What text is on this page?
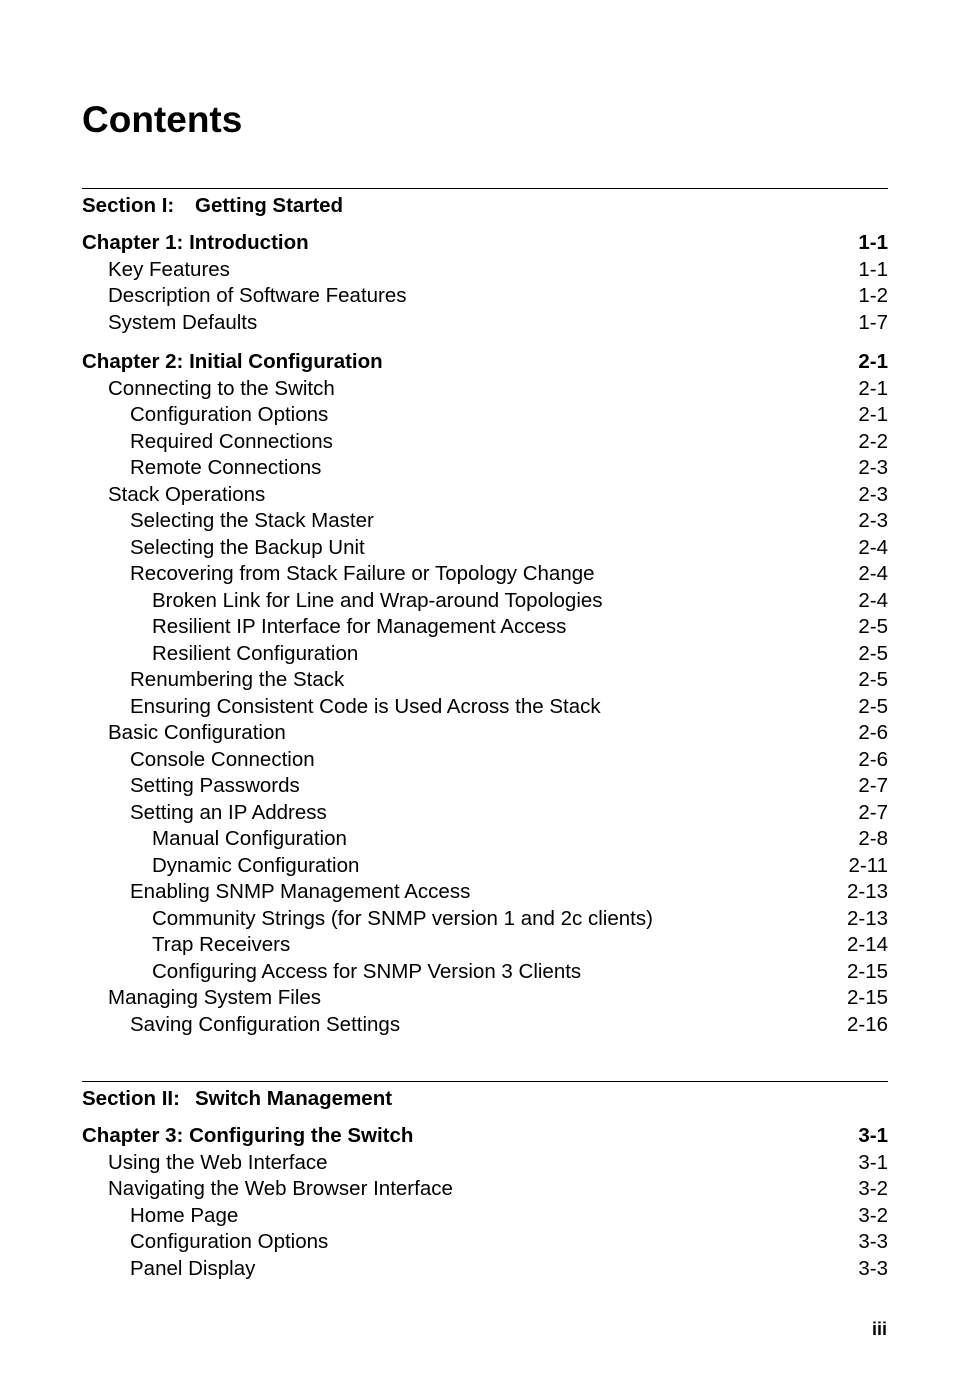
Contents
Section I: Getting Started
Chapter 1: Introduction	1-1
Key Features	1-1
Description of Software Features	1-2
System Defaults	1-7
Chapter 2: Initial Configuration	2-1
Connecting to the Switch	2-1
Configuration Options	2-1
Required Connections	2-2
Remote Connections	2-3
Stack Operations	2-3
Selecting the Stack Master	2-3
Selecting the Backup Unit	2-4
Recovering from Stack Failure or Topology Change	2-4
Broken Link for Line and Wrap-around Topologies	2-4
Resilient IP Interface for Management Access	2-5
Resilient Configuration	2-5
Renumbering the Stack	2-5
Ensuring Consistent Code is Used Across the Stack	2-5
Basic Configuration	2-6
Console Connection	2-6
Setting Passwords	2-7
Setting an IP Address	2-7
Manual Configuration	2-8
Dynamic Configuration	2-11
Enabling SNMP Management Access	2-13
Community Strings (for SNMP version 1 and 2c clients)	2-13
Trap Receivers	2-14
Configuring Access for SNMP Version 3 Clients	2-15
Managing System Files	2-15
Saving Configuration Settings	2-16
Section II: Switch Management
Chapter 3: Configuring the Switch	3-1
Using the Web Interface	3-1
Navigating the Web Browser Interface	3-2
Home Page	3-2
Configuration Options	3-3
Panel Display	3-3
iii
